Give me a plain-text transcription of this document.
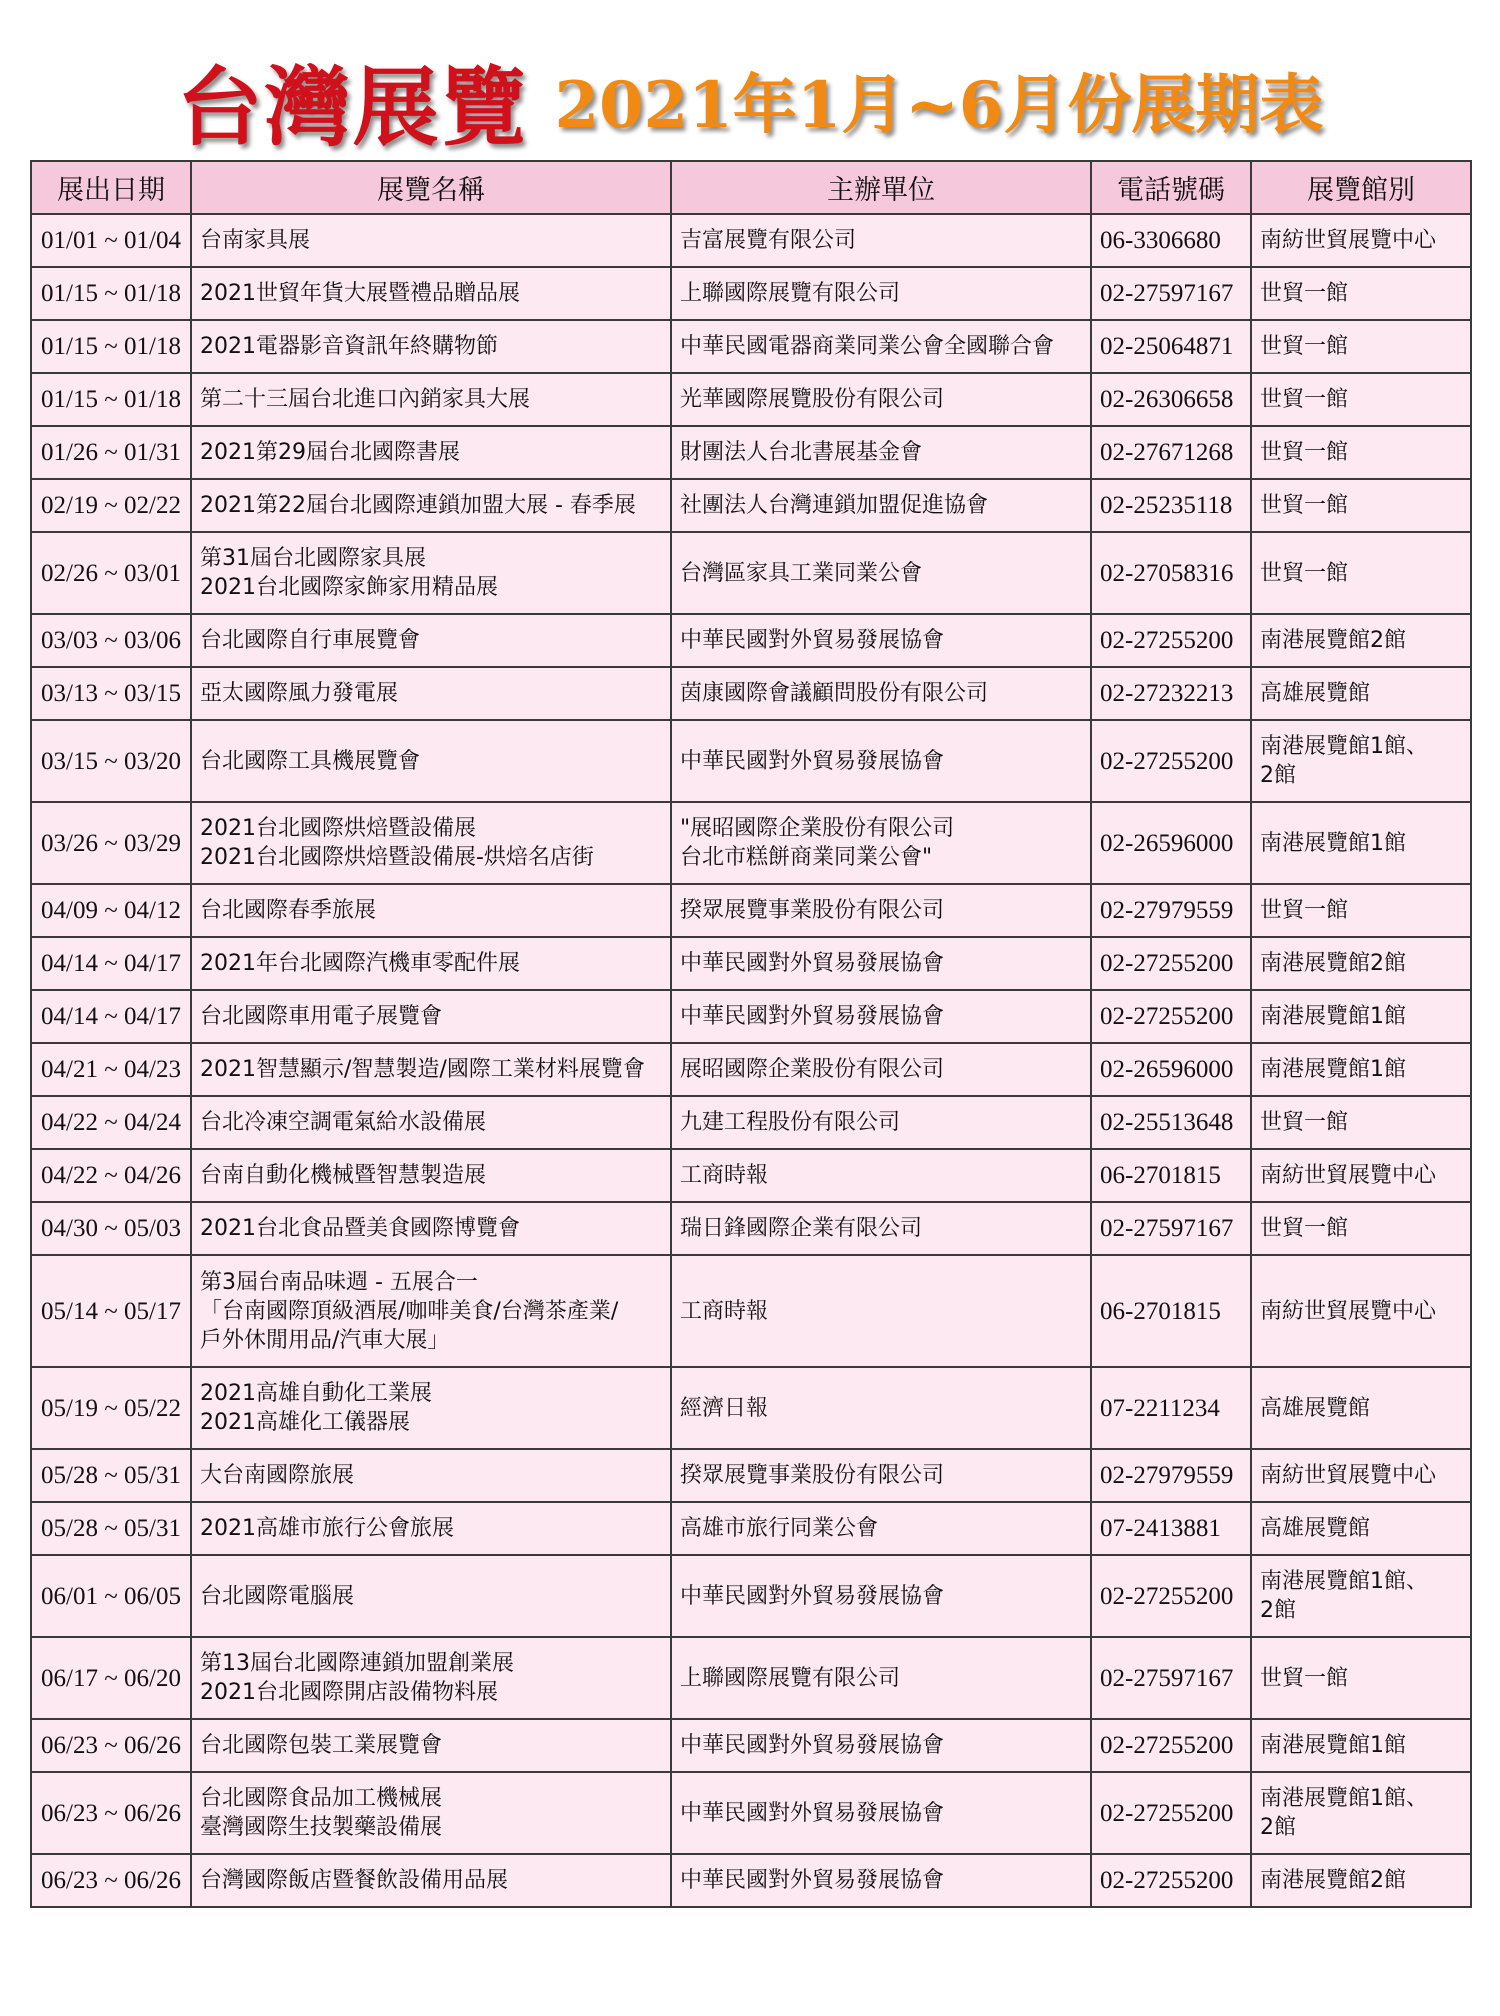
台灣展覽 2021年1月~6月份展期表
展出日期	展覽名稱	主辦單位	電話號碼	展覽館別
01/01 ~ 01/04	台南家具展	吉富展覽有限公司	06-3306680	南紡世貿展覽中心

01/15 ~ 01/18	2021世貿年貨大展暨禮品贈品展	上聯國際展覽有限公司	02-27597167	世貿一館

01/15 ~ 01/18	2021電器影音資訊年終購物節	中華民國電器商業同業公會全國聯合會	02-25064871	世貿一館

01/15 ~ 01/18	第二十三屆台北進口內銷家具大展	光華國際展覽股份有限公司	02-26306658	世貿一館

01/26 ~ 01/31	2021第29屆台北國際書展	財團法人台北書展基金會	02-27671268	世貿一館

02/19 ~ 02/22	2021第22屆台北國際連鎖加盟大展 - 春季展	社團法人台灣連鎖加盟促進協會	02-25235118	世貿一館

02/26 ~ 03/01	第31屆台北國際家具展
2021台北國際家飾家用精品展	台灣區家具工業同業公會	02-27058316	世貿一館

03/03 ~ 03/06	台北國際自行車展覽會	中華民國對外貿易發展協會	02-27255200	南港展覽館2館

03/13 ~ 03/15	亞太國際風力發電展	茵康國際會議顧問股份有限公司	02-27232213	高雄展覽館

03/15 ~ 03/20	台北國際工具機展覽會	中華民國對外貿易發展協會	02-27255200	南港展覽館1館、
2館

03/26 ~ 03/29	2021台北國際烘焙暨設備展
2021台北國際烘焙暨設備展-烘焙名店街	"展昭國際企業股份有限公司
台北市糕餅商業同業公會"	02-26596000	南港展覽館1館

04/09 ~ 04/12	台北國際春季旅展	揆眾展覽事業股份有限公司	02-27979559	世貿一館

04/14 ~ 04/17	2021年台北國際汽機車零配件展	中華民國對外貿易發展協會	02-27255200	南港展覽館2館

04/14 ~ 04/17	台北國際車用電子展覽會	中華民國對外貿易發展協會	02-27255200	南港展覽館1館

04/21 ~ 04/23	2021智慧顯示/智慧製造/國際工業材料展覽會	展昭國際企業股份有限公司	02-26596000	南港展覽館1館

04/22 ~ 04/24	台北冷凍空調電氣給水設備展	九建工程股份有限公司	02-25513648	世貿一館

04/22 ~ 04/26	台南自動化機械暨智慧製造展	工商時報	06-2701815	南紡世貿展覽中心

04/30 ~ 05/03	2021台北食品暨美食國際博覽會	瑞日鋒國際企業有限公司	02-27597167	世貿一館

05/14 ~ 05/17	第3屆台南品味週 - 五展合一
「台南國際頂級酒展/咖啡美食/台灣茶產業/
戶外休閒用品/汽車大展」	工商時報	06-2701815	南紡世貿展覽中心

05/19 ~ 05/22	2021高雄自動化工業展
2021高雄化工儀器展	經濟日報	07-2211234	高雄展覽館

05/28 ~ 05/31	大台南國際旅展	揆眾展覽事業股份有限公司	02-27979559	南紡世貿展覽中心

05/28 ~ 05/31	2021高雄市旅行公會旅展	高雄市旅行同業公會	07-2413881	高雄展覽館

06/01 ~ 06/05	台北國際電腦展	中華民國對外貿易發展協會	02-27255200	南港展覽館1館、
2館

06/17 ~ 06/20	第13屆台北國際連鎖加盟創業展
2021台北國際開店設備物料展	上聯國際展覽有限公司	02-27597167	世貿一館

06/23 ~ 06/26	台北國際包裝工業展覽會	中華民國對外貿易發展協會	02-27255200	南港展覽館1館

06/23 ~ 06/26	台北國際食品加工機械展
臺灣國際生技製藥設備展	中華民國對外貿易發展協會	02-27255200	南港展覽館1館、
2館

06/23 ~ 06/26	台灣國際飯店暨餐飲設備用品展	中華民國對外貿易發展協會	02-27255200	南港展覽館2館
